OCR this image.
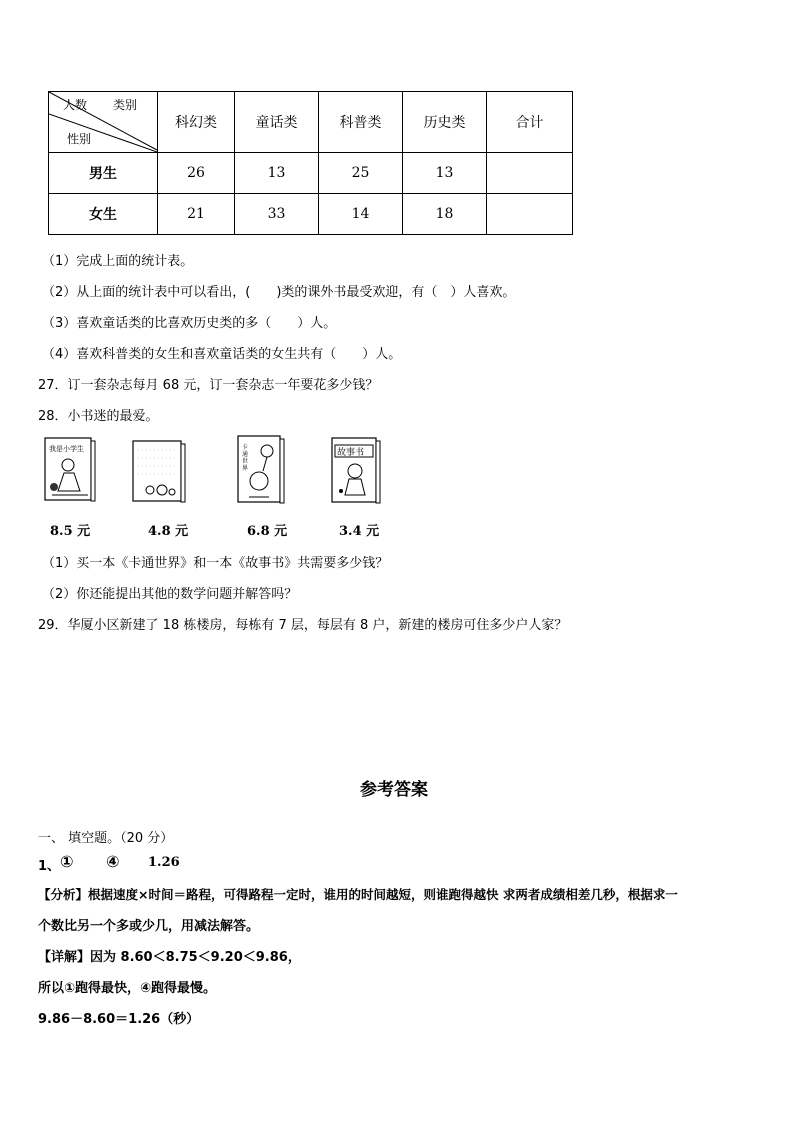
人数 类别
性别	科幻类	童话类	科普类	历史类	合计
男生	26	13	25	13	
女生	21	33	14	18	
（1）完成上面的统计表。
（2）从上面的统计表中可以看出，(　　)类的课外书最受欢迎，有（　）人喜欢。
（3）喜欢童话类的比喜欢历史类的多（　　）人。
（4）喜欢科普类的女生和喜欢童话类的女生共有（　　）人。
27．订一套杂志每月 68 元，订一套杂志一年要花多少钱？
28．小书迷的最爱。
我是小学生	卡
通
世
界
故事书
8.5 元	4.8 元	6.8 元	3.4 元
（1）买一本《卡通世界》和一本《故事书》共需要多少钱？
（2）你还能提出其他的数学问题并解答吗？
29．华厦小区新建了 18 栋楼房，每栋有 7 层，每层有 8 户，新建的楼房可住多少户人家？
参考答案
一、 填空题。（20 分）
1、 ① ④ 1.26
【分析】根据速度×时间＝路程，可得路程一定时，谁用的时间越短，则谁跑得越快 求两者成绩相差几秒，根据求一
个数比另一个多或少几，用减法解答。
【详解】因为 8.60＜8.75＜9.20＜9.86，
所以①跑得最快，④跑得最慢。
9.86－8.60＝1.26（秒）
